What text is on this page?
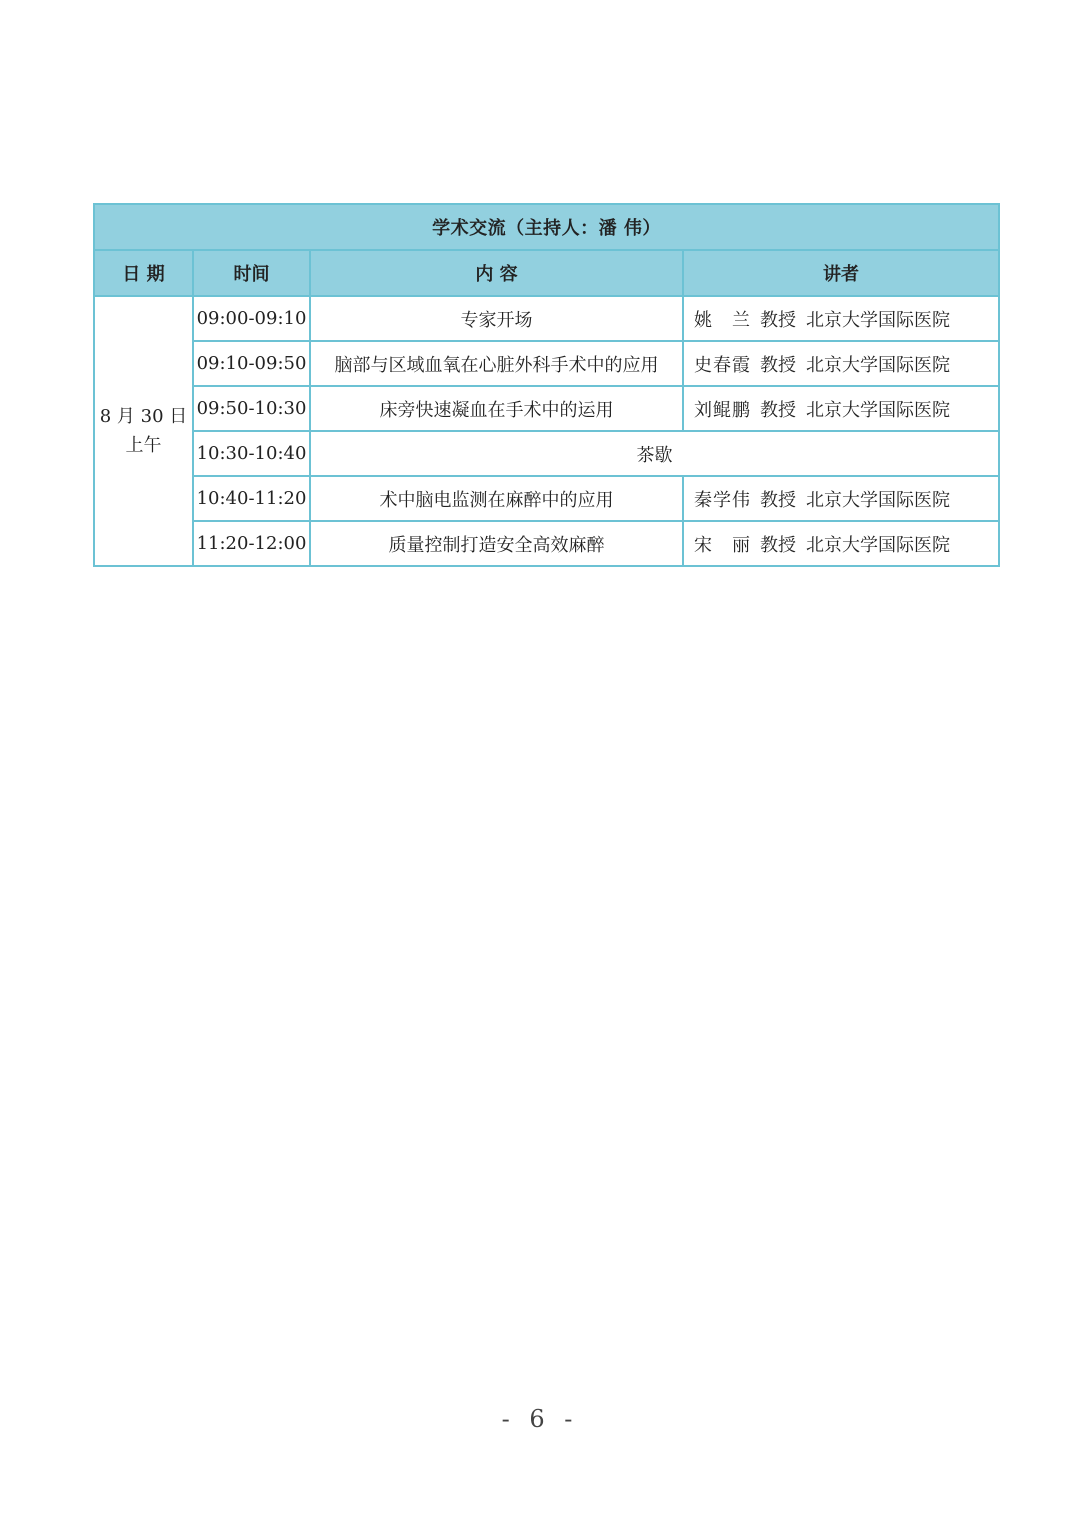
学术交流（主持人：潘 伟）			
日 期	时间	内 容	讲者

8 月 30 日
上午	09:00-09:10	专家开场	姚兰 教授 北京大学国际医院
	09:10-09:50	脑部与区域血氧在心脏外科手术中的应用	史春霞 教授 北京大学国际医院
	09:50-10:30	床旁快速凝血在手术中的运用	刘鲲鹏 教授 北京大学国际医院
	10:30-10:40	茶歇	
	10:40-11:20	术中脑电监测在麻醉中的应用	秦学伟 教授 北京大学国际医院
	11:20-12:00	质量控制打造安全高效麻醉	宋丽 教授 北京大学国际医院
- 6 -
